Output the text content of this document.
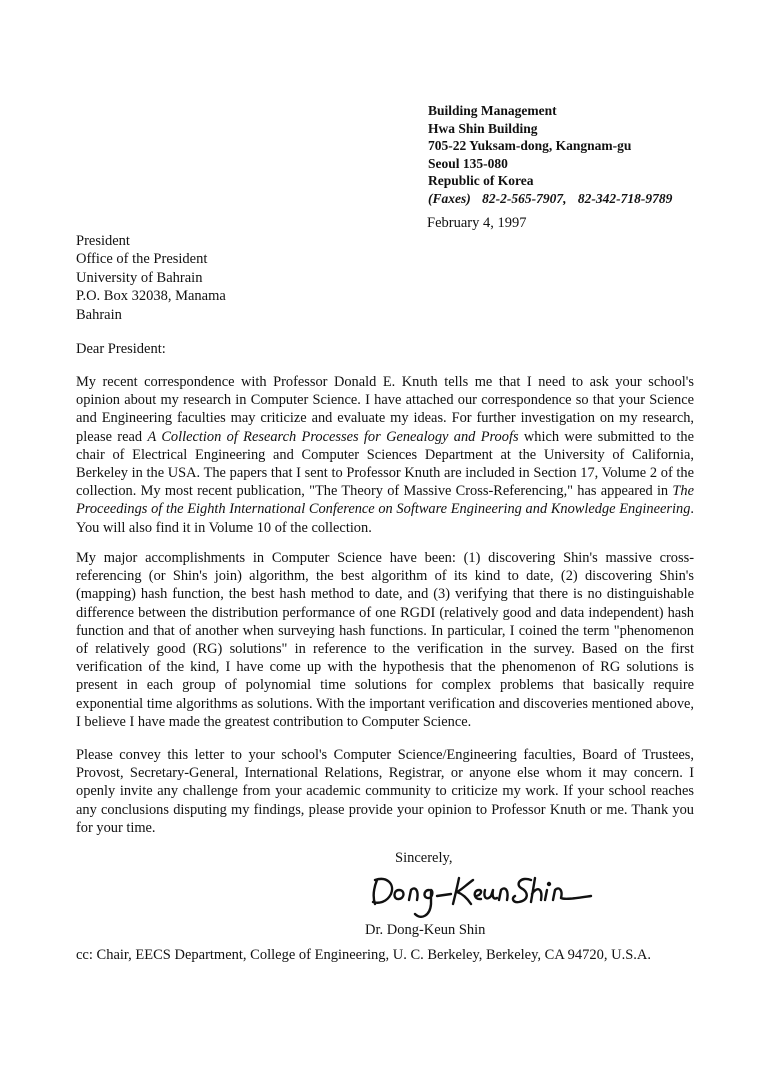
Building Management
Hwa Shin Building
705-22 Yuksam-dong, Kangnam-gu
Seoul 135-080
Republic of Korea
(Faxes) 82-2-565-7907, 82-342-718-9789
February 4, 1997
President
Office of the President
University of Bahrain
P.O. Box 32038, Manama
Bahrain
Dear President:

My recent correspondence with Professor Donald E. Knuth tells me that I need to ask your school's opinion about my research in Computer Science. I have attached our correspondence so that your Science and Engineering faculties may criticize and evaluate my ideas. For further investigation on my research, please read A Collection of Research Processes for Genealogy and Proofs which were submitted to the chair of Electrical Engineering and Computer Sciences Department at the University of California, Berkeley in the USA. The papers that I sent to Professor Knuth are included in Section 17, Volume 2 of the collection. My most recent publication, "The Theory of Massive Cross-Referencing," has appeared in The Proceedings of the Eighth International Conference on Software Engineering and Knowledge Engineering. You will also find it in Volume 10 of the collection.

My major accomplishments in Computer Science have been: (1) discovering Shin's massive cross-referencing (or Shin's join) algorithm, the best algorithm of its kind to date, (2) discovering Shin's (mapping) hash function, the best hash method to date, and (3) verifying that there is no distinguishable difference between the distribution performance of one RGDI (relatively good and data independent) hash function and that of another when surveying hash functions. In particular, I coined the term "phenomenon of relatively good (RG) solutions" in reference to the verification in the survey. Based on the first verification of the kind, I have come up with the hypothesis that the phenomenon of RG solutions is present in each group of polynomial time solutions for complex problems that basically require exponential time algorithms as solutions. With the important verification and discoveries mentioned above, I believe I have made the greatest contribution to Computer Science.

Please convey this letter to your school's Computer Science/Engineering faculties, Board of Trustees, Provost, Secretary-General, International Relations, Registrar, or anyone else whom it may concern. I openly invite any challenge from your academic community to criticize my work. If your school reaches any conclusions disputing my findings, please provide your opinion to Professor Knuth or me. Thank you for your time.

Sincerely,
Dr. Dong-Keun Shin
cc: Chair, EECS Department, College of Engineering, U. C. Berkeley, Berkeley, CA 94720, U.S.A.
